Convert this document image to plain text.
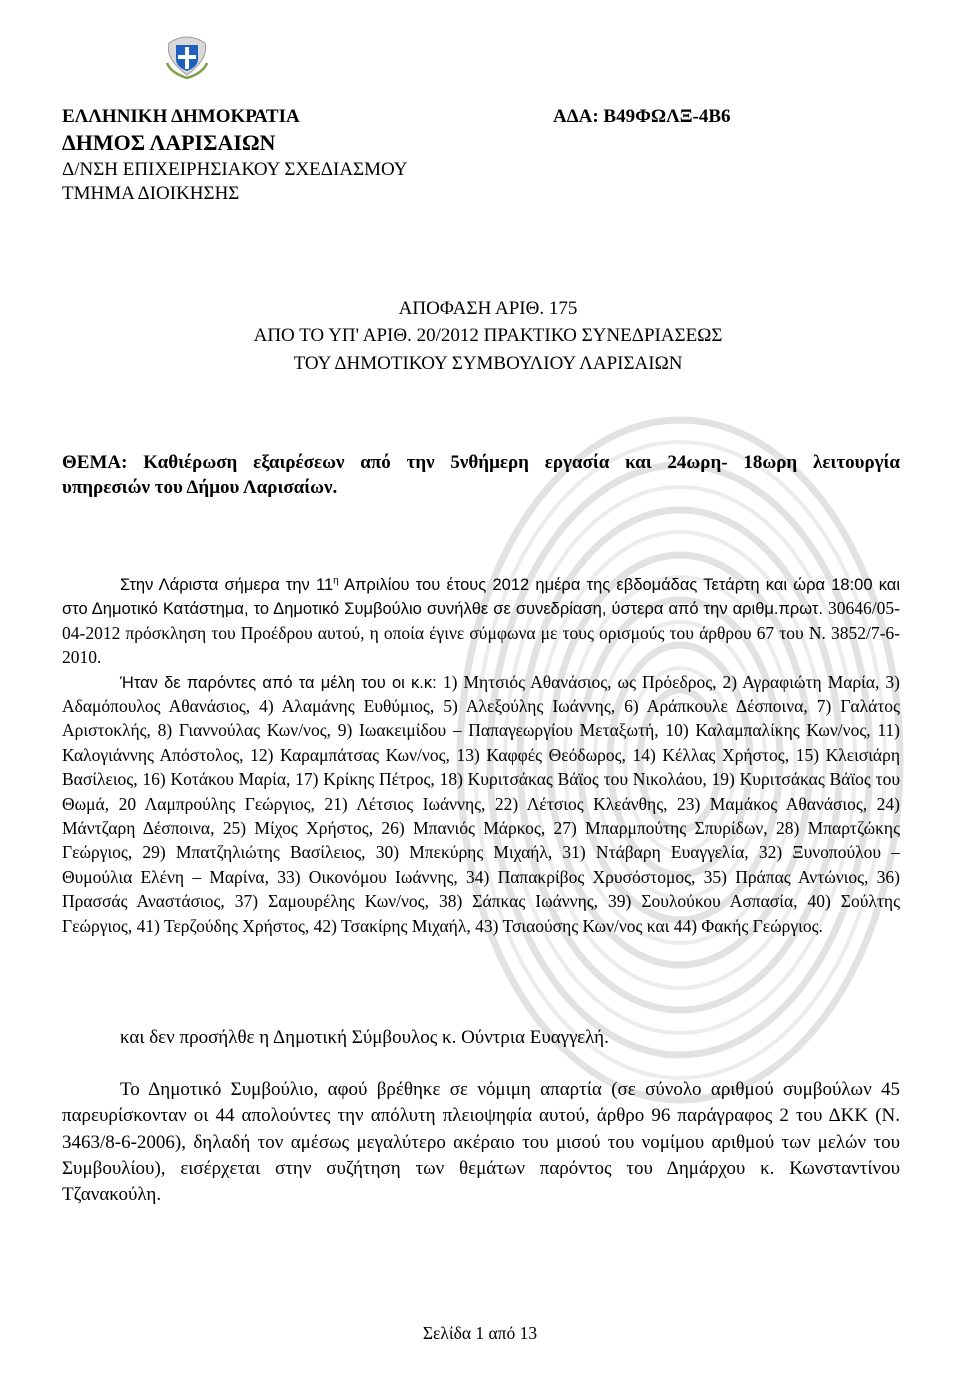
ΕΛΛΗΝΙΚΗ ΔΗΜΟΚΡΑΤΙΑ
ΔΗΜΟΣ ΛΑΡΙΣΑΙΩΝ
Δ/ΝΣΗ ΕΠΙΧΕΙΡΗΣΙΑΚΟΥ ΣΧΕΔΙΑΣΜΟΥ
ΤΜΗΜΑ ΔΙΟΙΚΗΣΗΣ
ΑΔΑ: Β49ΦΩΛΞ-4Β6
ΑΠΟΦΑΣΗ ΑΡΙΘ. 175
ΑΠΟ ΤΟ ΥΠ' ΑΡΙΘ. 20/2012 ΠΡΑΚΤΙΚΟ ΣΥΝΕΔΡΙΑΣΕΩΣ
ΤΟΥ ΔΗΜΟΤΙΚΟΥ ΣΥΜΒΟΥΛΙΟΥ ΛΑΡΙΣΑΙΩΝ
ΘΕΜΑ: Καθιέρωση εξαιρέσεων από την 5νθήμερη εργασία και 24ωρη- 18ωρη λειτουργία
υπηρεσιών του Δήμου Λαρισαίων.
Στην Λάριστα σήμερα την $11^\eta$ Απριλίου του έτους 2012 ημέρα της εβδομάδας Τετάρτη και ώρα 18:00 και στο Δημοτικό Κατάστημα, το Δημοτικό Συμβούλιο συνήλθε σε συνεδρίαση, ύστερα από την αριθμ.πρωτ. 30646/05-04-2012 πρόσκληση του Προέδρου αυτού, η οποία έγινε σύμφωνα με τους ορισμούς του άρθρου 67 του Ν. 3852/7-6-2010.
Ήταν δε παρόντες από τα μέλη του οι κ.κ: 1) Μητσιός Αθανάσιος, ως Πρόεδρος, 2) Αγραφιώτη Μαρία, 3) Αδαμόπουλος Αθανάσιος, 4) Αλαμάνης Ευθύμιος, 5) Αλεξούλης Ιωάννης, 6) Αράπκουλε Δέσποινα, 7) Γαλάτος Αριστοκλής, 8) Γιαννούλας Κων/νος, 9) Ιωακειμίδου – Παπαγεωργίου Μεταξωτή, 10) Καλαμπαλίκης Κων/νος, 11) Καλογιάννης Απόστολος, 12) Καραμπάτσας Κων/νος, 13) Καφφές Θεόδωρος, 14) Κέλλας Χρήστος, 15) Κλεισιάρη Βασίλειος, 16) Κοτάκου Μαρία, 17) Κρίκης Πέτρος, 18) Κυριτσάκας Βάϊος του Νικολάου, 19) Κυριτσάκας Βάϊος του Θωμά, 20 Λαμπρούλης Γεώργιος, 21) Λέτσιος Ιωάννης, 22) Λέτσιος Κλεάνθης, 23) Μαμάκος Αθανάσιος, 24) Μάντζαρη Δέσποινα, 25) Μίχος Χρήστος, 26) Μπανιός Μάρκος, 27) Μπαρμπούτης Σπυρίδων, 28) Μπαρτζώκης Γεώργιος, 29) Μπατζηλιώτης Βασίλειος, 30) Μπεκύρης Μιχαήλ, 31) Ντάβαρη Ευαγγελία, 32) Ξυνοπούλου – Θυμούλια Ελένη – Μαρίνα, 33) Οικονόμου Ιωάννης, 34) Παπακρίβος Χρυσόστομος, 35) Πράπας Αντώνιος, 36) Πρασσάς Αναστάσιος, 37) Σαμουρέλης Κων/νος, 38) Σάπκας Ιωάννης, 39) Σουλούκου Ασπασία, 40) Σούλτης Γεώργιος, 41) Τερζούδης Χρήστος, 42) Τσακίρης Μιχαήλ, 43) Τσιαούσης Κων/νος και 44) Φακής Γεώργιος.
και δεν προσήλθε η Δημοτική Σύμβουλος κ. Ούντρια Ευαγγελή.
Το Δημοτικό Συμβούλιο, αφού βρέθηκε σε νόμιμη απαρτία (σε σύνολο αριθμού συμβούλων 45 παρευρίσκονταν οι 44 απολούντες την απόλυτη πλειοψηφία αυτού, άρθρο 96 παράγραφος 2 του ΔΚΚ (Ν. 3463/8-6-2006), δηλαδή τον αμέσως μεγαλύτερο ακέραιο του μισού του νομίμου αριθμού των μελών του Συμβουλίου), εισέρχεται στην συζήτηση των θεμάτων παρόντος του Δημάρχου κ. Κωνσταντίνου Τζανακούλη.
Σελίδα 1 από 13
